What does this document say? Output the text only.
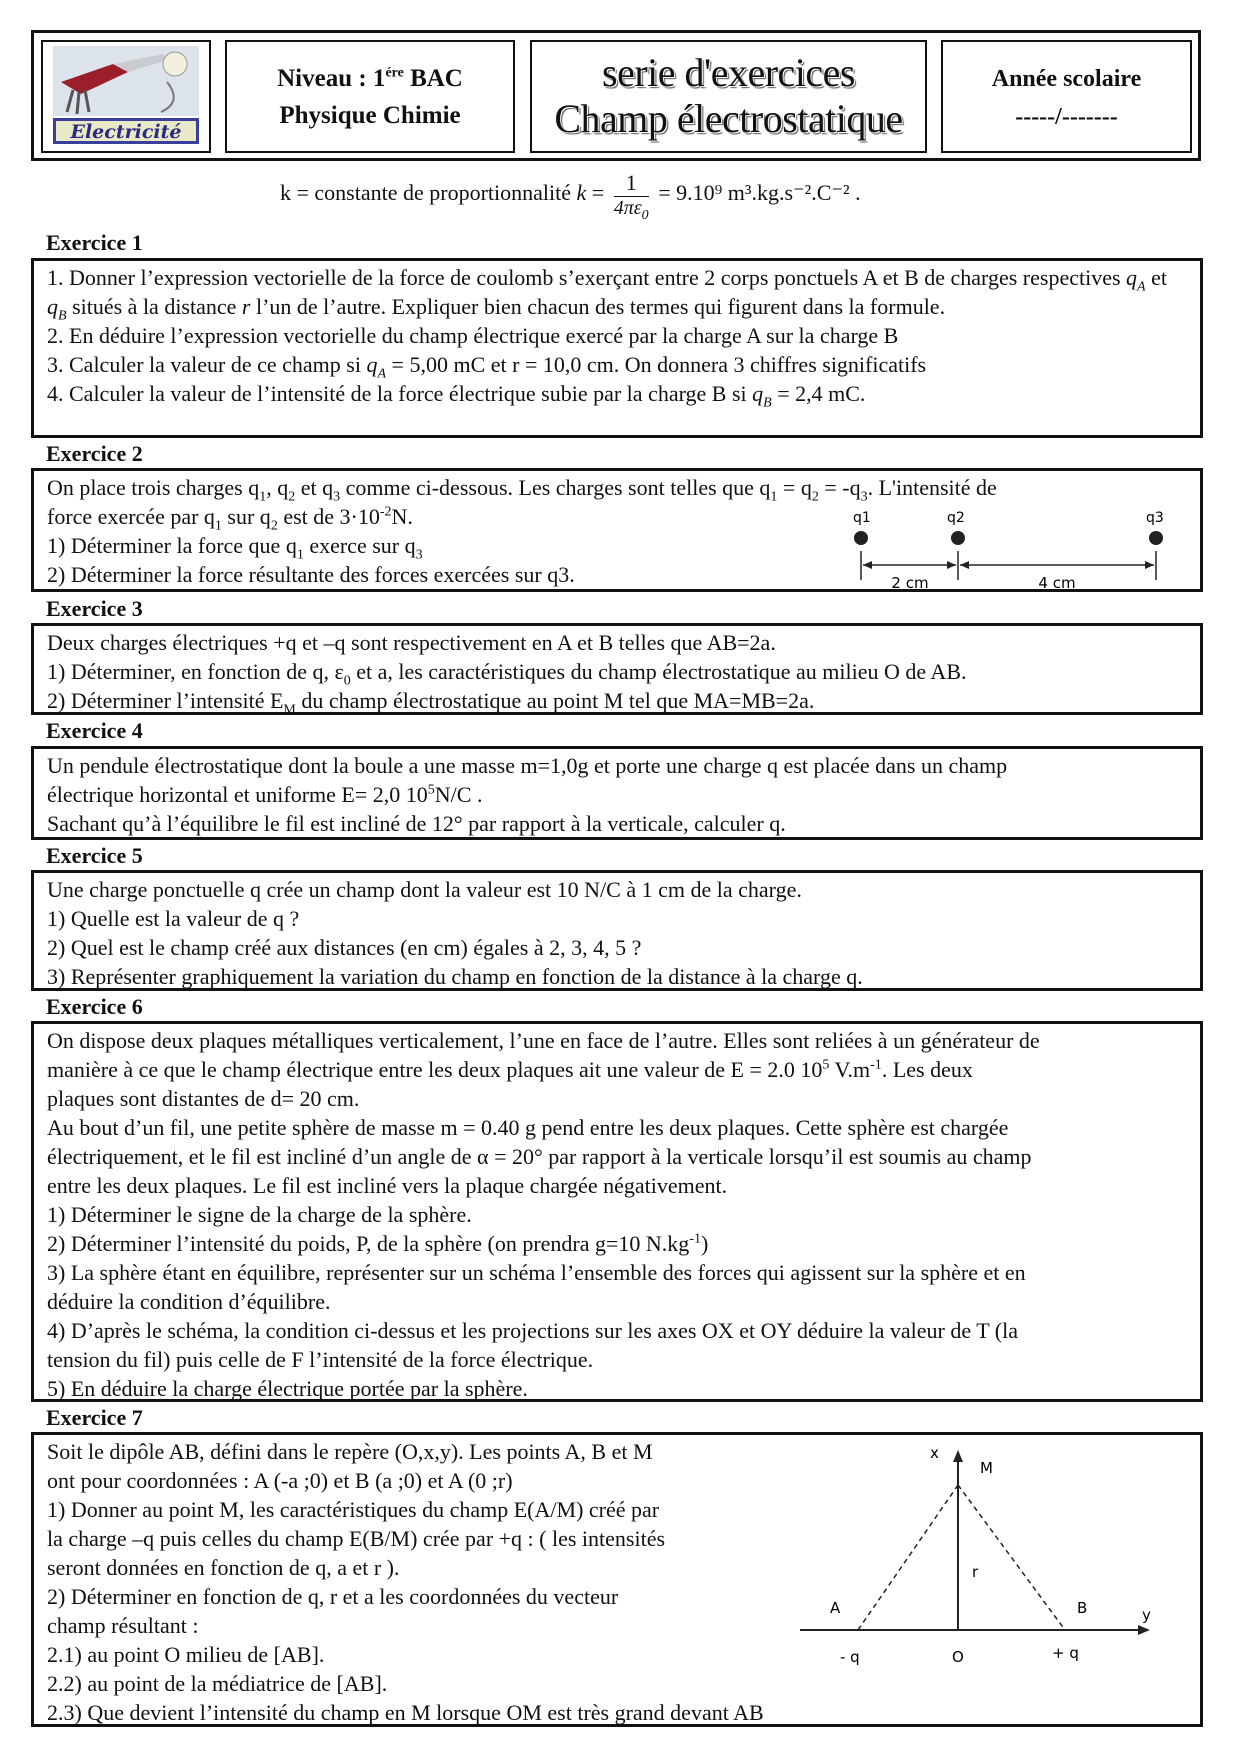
Electricité
Niveau : $1^{ére}$ BAC
Physique Chimie
serie d'exercices
Champ électrostatique
Année scolaire
-----/-------
k = constante de proportionnalité $k = \frac{1}{4\pi\varepsilon_0} = 9.10^9$ m³.kg.s⁻².C⁻² .
Exercice 1

1. Donner l’expression vectorielle de la force de coulomb s’exerçant entre 2 corps ponctuels A et B de charges respectives $q_A$ et $q_B$ situés à la distance r l’un de l’autre. Expliquer bien chacun des termes qui figurent dans la formule.

2. En déduire l’expression vectorielle du champ électrique exercé par la charge A sur la charge B

3. Calculer la valeur de ce champ si $q_A = 5,00$ mC et r = 10,0 cm. On donnera 3 chiffres significatifs

4. Calculer la valeur de l’intensité de la force électrique subie par la charge B si $q_B = 2,4$ mC.

Exercice 2

On place trois charges $q_1$, $q_2$ et $q_3$ comme ci-dessous. Les charges sont telles que $q_1 = q_2 = -q_3$. L'intensité de

force exercée par $q_1$ sur $q_2$ est de $3\cdot 10^{-2}N$.

1) Déterminer la force que $q_1$ exerce sur $q_3$

2) Déterminer la force résultante des forces exercées sur q3.

q1	q2	q3
2 cm	4 cm
Exercice 3

Deux charges électriques +q et –q sont respectivement en A et B telles que AB=2a.

1) Déterminer, en fonction de q, $\varepsilon_0$ et a, les caractéristiques du champ électrostatique au milieu O de AB.

2) Déterminer l’intensité $E_M$ du champ électrostatique au point M tel que MA=MB=2a.

Exercice 4

Un pendule électrostatique dont la boule a une masse m=1,0g et porte une charge q est placée dans un champ

électrique horizontal et uniforme E= 2,0 $10^5N/C$ .

Sachant qu’à l’équilibre le fil est incliné de 12° par rapport à la verticale, calculer q.

Exercice 5

Une charge ponctuelle q crée un champ dont la valeur est 10 N/C à 1 cm de la charge.

1) Quelle est la valeur de q ?

2) Quel est le champ créé aux distances (en cm) égales à 2, 3, 4, 5 ?

3) Représenter graphiquement la variation du champ en fonction de la distance à la charge q.

Exercice 6

On dispose deux plaques métalliques verticalement, l’une en face de l’autre. Elles sont reliées à un générateur de

manière à ce que le champ électrique entre les deux plaques ait une valeur de E = 2.0 $10^5$ $V.m^{-1}$. Les deux

plaques sont distantes de d= 20 cm.

Au bout d’un fil, une petite sphère de masse m = 0.40 g pend entre les deux plaques. Cette sphère est chargée

électriquement, et le fil est incliné d’un angle de α = 20° par rapport à la verticale lorsqu’il est soumis au champ

entre les deux plaques. Le fil est incliné vers la plaque chargée négativement.

1) Déterminer le signe de la charge de la sphère.

2) Déterminer l’intensité du poids, P, de la sphère (on prendra g=10 $N.kg^{-1}$)

3) La sphère étant en équilibre, représenter sur un schéma l’ensemble des forces qui agissent sur la sphère et en

déduire la condition d’équilibre.

4) D’après le schéma, la condition ci-dessus et les projections sur les axes OX et OY déduire la valeur de T (la

tension du fil) puis celle de F l’intensité de la force électrique.

5) En déduire la charge électrique portée par la sphère.

Exercice 7

Soit le dipôle AB, défini dans le repère (O,x,y). Les points A, B et M

ont pour coordonnées : A (-a ;0) et B (a ;0) et A (0 ;r)

1) Donner au point M, les caractéristiques du champ E(A/M) créé par

la charge –q puis celles du champ E(B/M) crée par +q : ( les intensités

seront données en fonction de q, a et r ).

2) Déterminer en fonction de q, r et a les coordonnées du vecteur

champ résultant :

2.1) au point O milieu de [AB].

2.2) au point de la médiatrice de [AB].

2.3) Que devient l’intensité du champ en M lorsque OM est très grand devant AB

x
M
r
A	B	y
- q	O	+ q
